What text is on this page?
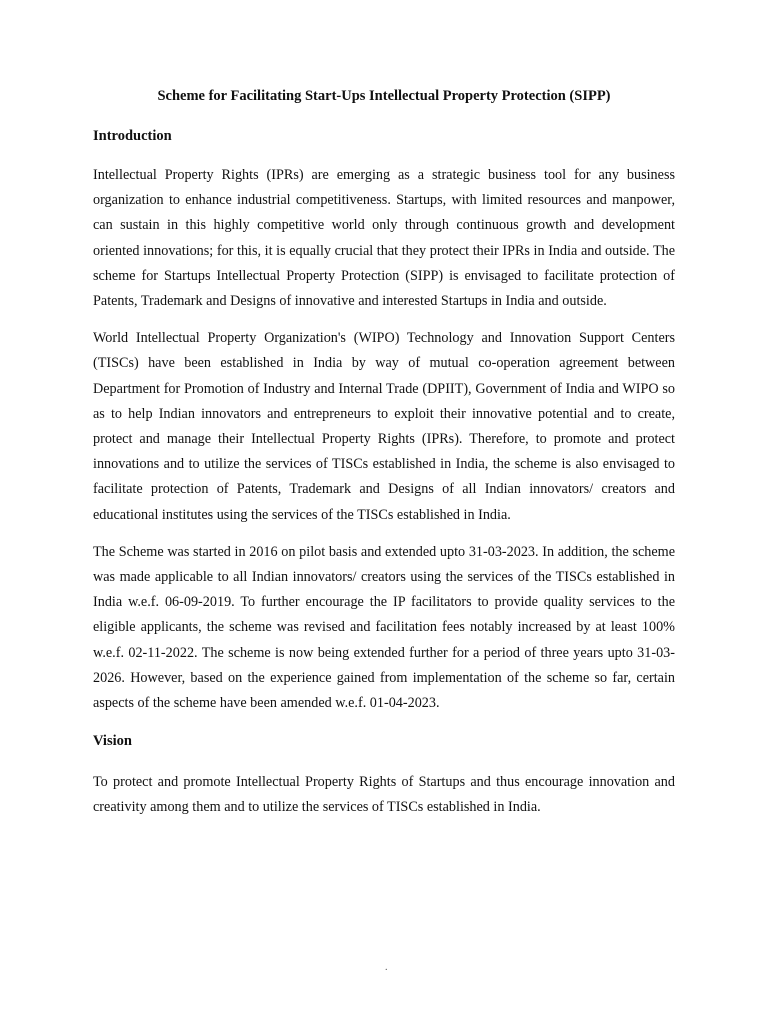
Scheme for Facilitating Start-Ups Intellectual Property Protection (SIPP)

Introduction

Intellectual Property Rights (IPRs) are emerging as a strategic business tool for any business organization to enhance industrial competitiveness. Startups, with limited resources and manpower, can sustain in this highly competitive world only through continuous growth and development oriented innovations; for this, it is equally crucial that they protect their IPRs in India and outside. The scheme for Startups Intellectual Property Protection (SIPP) is envisaged to facilitate protection of Patents, Trademark and Designs of innovative and interested Startups in India and outside.

World Intellectual Property Organization's (WIPO) Technology and Innovation Support Centers (TISCs) have been established in India by way of mutual co-operation agreement between Department for Promotion of Industry and Internal Trade (DPIIT), Government of India and WIPO so as to help Indian innovators and entrepreneurs to exploit their innovative potential and to create, protect and manage their Intellectual Property Rights (IPRs). Therefore, to promote and protect innovations and to utilize the services of TISCs established in India, the scheme is also envisaged to facilitate protection of Patents, Trademark and Designs of all Indian innovators/ creators and educational institutes using the services of the TISCs established in India.

The Scheme was started in 2016 on pilot basis and extended upto 31-03-2023. In addition, the scheme was made applicable to all Indian innovators/ creators using the services of the TISCs established in India w.e.f. 06-09-2019. To further encourage the IP facilitators to provide quality services to the eligible applicants, the scheme was revised and facilitation fees notably increased by at least 100% w.e.f. 02-11-2022. The scheme is now being extended further for a period of three years upto 31-03-2026. However, based on the experience gained from implementation of the scheme so far, certain aspects of the scheme have been amended w.e.f. 01-04-2023.

Vision

To protect and promote Intellectual Property Rights of Startups and thus encourage innovation and creativity among them and to utilize the services of TISCs established in India.

.
